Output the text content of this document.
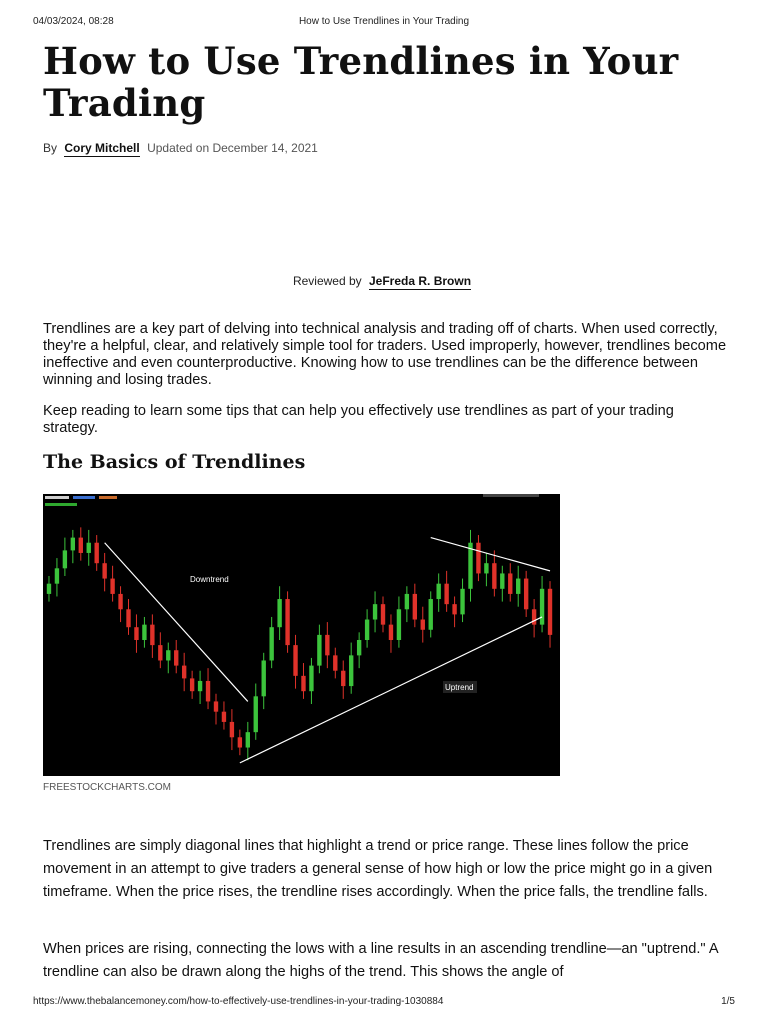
04/03/2024, 08:28	How to Use Trendlines in Your Trading
How to Use Trendlines in Your Trading
By Cory Mitchell Updated on December 14, 2021
Reviewed by JeFreda R. Brown

Trendlines are a key part of delving into technical analysis and trading off of charts. When used correctly, they're a helpful, clear, and relatively simple tool for traders. Used improperly, however, trendlines become ineffective and even counterproductive. Knowing how to use trendlines can be the difference between winning and losing trades.

Keep reading to learn some tips that can help you effectively use trendlines as part of your trading strategy.

The Basics of Trendlines
Downtrend
Uptrend
FREESTOCKCHARTS.COM

Trendlines are simply diagonal lines that highlight a trend or price range. These lines follow the price movement in an attempt to give traders a general sense of how high or low the price might go in a given timeframe. When the price rises, the trendline rises accordingly. When the price falls, the trendline falls.

When prices are rising, connecting the lows with a line results in an ascending trendline—an "uptrend." A trendline can also be drawn along the highs of the trend. This shows the angle of

https://www.thebalancemoney.com/how-to-effectively-use-trendlines-in-your-trading-1030884	1/5
